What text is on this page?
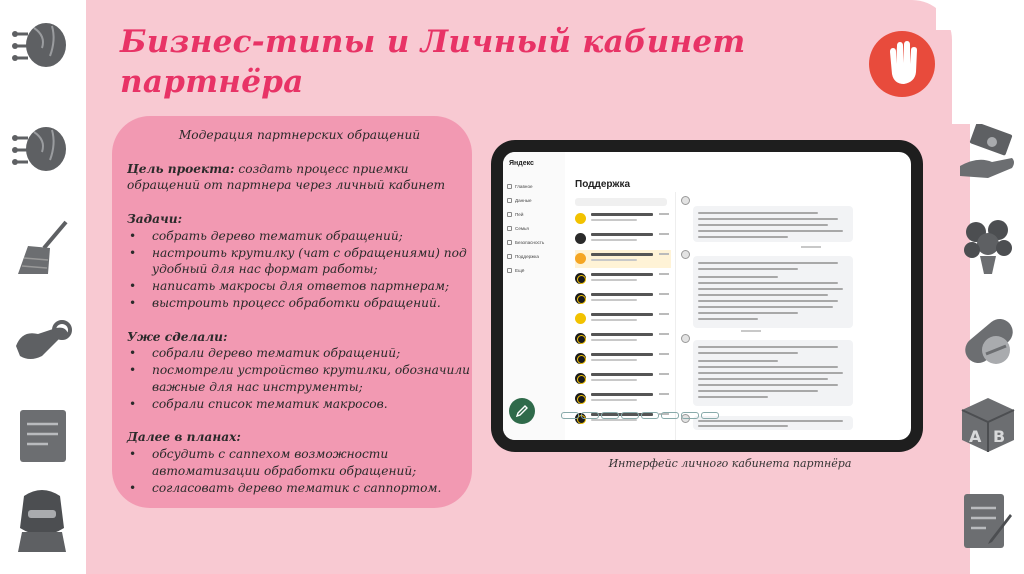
A B
Бизнес-типы и Личный кабинет партнёра
Модерация партнерских обращений
Цель проекта: создать процесс приемки обращений от партнера через личный кабинет
Задачи:
• собрать дерево тематик обращений;
• настроить крутилку (чат с обращениями) под удобный для нас формат работы;
• написать макросы для ответов партнерам;
• выстроить процесс обработки обращений.
Уже сделали:
• собрали дерево тематик обращений;
• посмотрели устройство крутилки, обозначили важные для нас инструменты;
• собрали список тематик макросов.
Далее в планах:
• обсудить с саппехом возможности автоматизации обработки обращений;
• согласовать дерево тематик с саппортом.
Яндекс
Главное
Данные
Пей
Семья
Безопасность
Поддержка
Ещё
Поддержка
Интерфейс личного кабинета партнёра
